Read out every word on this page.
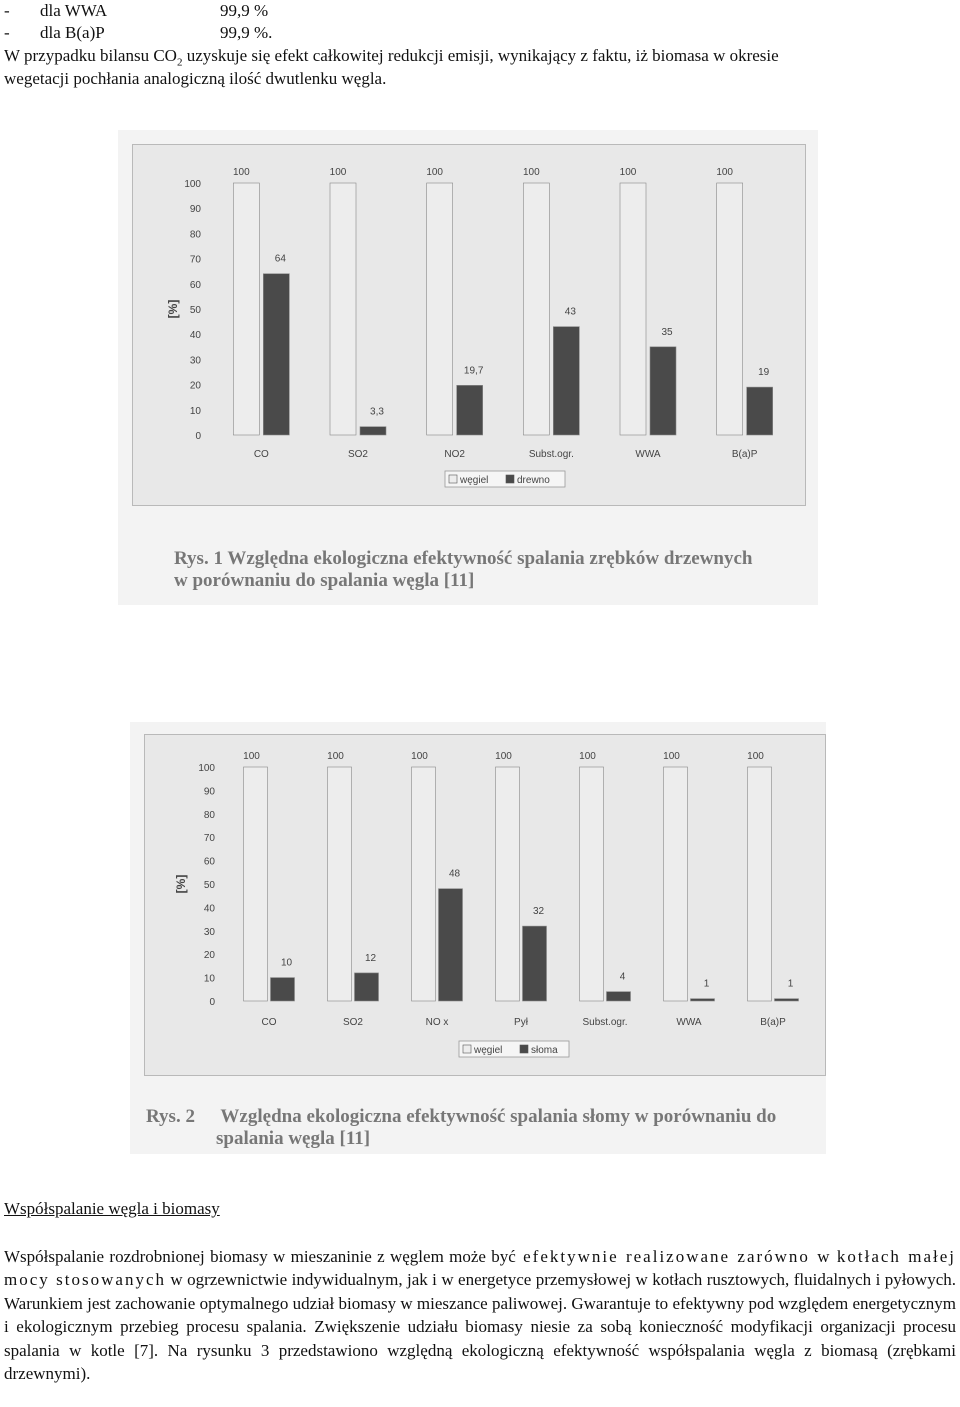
- dla WWA	99,9 %
- dla B(a)P	99,9 %.
W przypadku bilansu $CO_2$ uzyskuje się efekt całkowitej redukcji emisji, wynikający z faktu, iż biomasa w okresie
wegetacji pochłania analogiczną ilość dwutlenku węgla.
0
10
20
30
40
50
60
70
80
90
100
[%]
100
64
CO
100
3,3
SO2
100
19,7
NO2
100
43
Subst.ogr.
100
35
WWA
100
19
B(a)P
węgiel	drewno
Rys. 1 Względna ekologiczna efektywność spalania zrębków drzewnych
w porównaniu do spalania węgla [11]
0
10
20
30
40
50
60
70
80
90
100
[%]
100
10
CO
100
12
SO2
100
48
NO x
100
32
Pył
100
4
Subst.ogr.
100
1
WWA
100
1
B(a)P
węgiel	słoma
Rys. 2 Względna ekologiczna efektywność spalania słomy w porównaniu do
spalania węgla [11]
Współspalanie węgla i biomasy
Współspalanie rozdrobnionej biomasy w mieszaninie z węglem może być efektywnie realizowane zarówno w kotłach małej mocy stosowanych w ogrzewnictwie indywidualnym, jak i w energetyce przemysłowej w kotłach rusztowych, fluidalnych i pyłowych. Warunkiem jest zachowanie optymalnego udział biomasy w mieszance paliwowej. Gwarantuje to efektywny pod względem energetycznym i ekologicznym przebieg procesu spalania. Zwiększenie udziału biomasy niesie za sobą konieczność modyfikacji organizacji procesu spalania w kotle [7]. Na rysunku 3 przedstawiono względną ekologiczną efektywność współspalania węgla z biomasą (zrębkami drzewnymi).
